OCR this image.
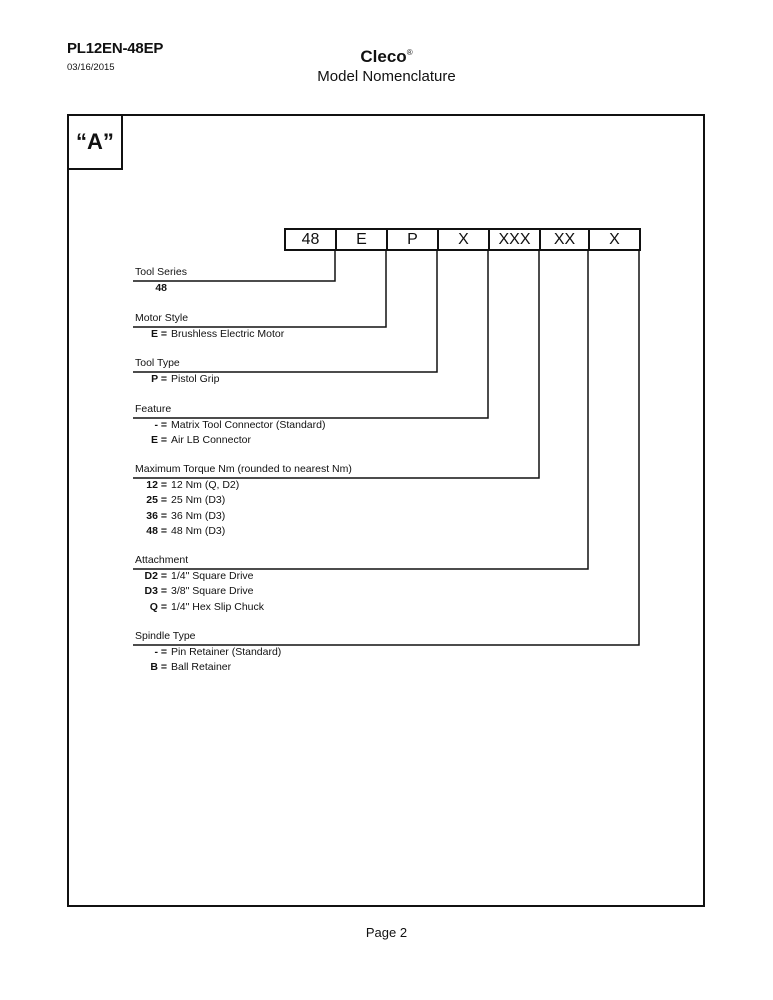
PL12EN-48EP
03/16/2015
Cleco®
Model Nomenclature
“A”
48	E	P	X	XXX	XX	X
Tool Series
48
Motor Style
E = Brushless Electric Motor
Tool Type
P = Pistol Grip
Feature
- = Matrix Tool Connector (Standard)
E = Air LB Connector
Maximum Torque Nm (rounded to nearest Nm)
12 = 12 Nm (Q, D2)
25 = 25 Nm (D3)
36 = 36 Nm (D3)
48 = 48 Nm (D3)
Attachment
D2 = 1/4" Square Drive
D3 = 3/8" Square Drive
Q = 1/4" Hex Slip Chuck
Spindle Type
- = Pin Retainer (Standard)
B = Ball Retainer
Page 2
